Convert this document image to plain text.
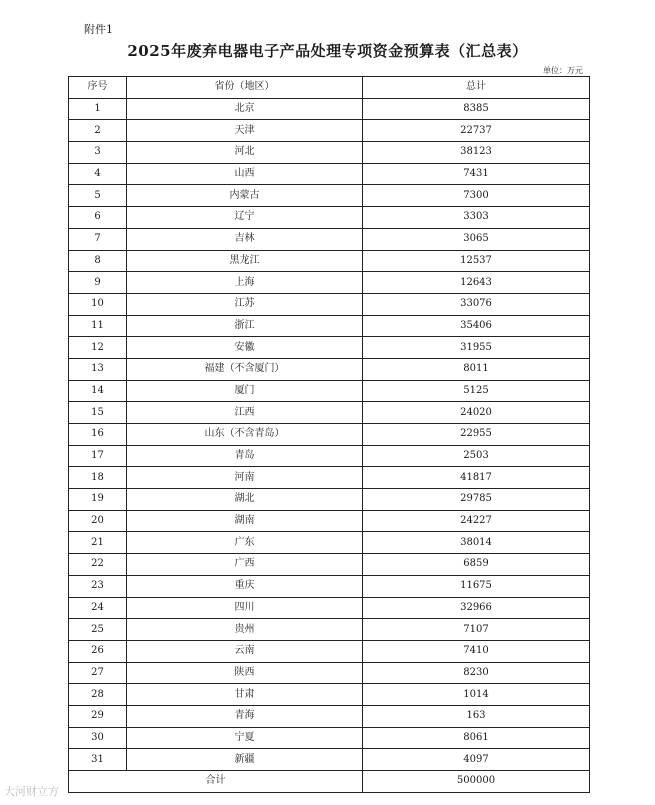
附件1
2025年废弃电器电子产品处理专项资金预算表（汇总表）
单位：万元
序号	省份（地区）	总计
1	北京	8385
2	天津	22737
3	河北	38123
4	山西	7431
5	内蒙古	7300
6	辽宁	3303
7	吉林	3065
8	黑龙江	12537
9	上海	12643
10	江苏	33076
11	浙江	35406
12	安徽	31955
13	福建（不含厦门）	8011
14	厦门	5125
15	江西	24020
16	山东（不含青岛）	22955
17	青岛	2503
18	河南	41817
19	湖北	29785
20	湖南	24227
21	广东	38014
22	广西	6859
23	重庆	11675
24	四川	32966
25	贵州	7107
26	云南	7410
27	陕西	8230
28	甘肃	1014
29	青海	163
30	宁夏	8061
31	新疆	4097
合计		500000
大河财立方
